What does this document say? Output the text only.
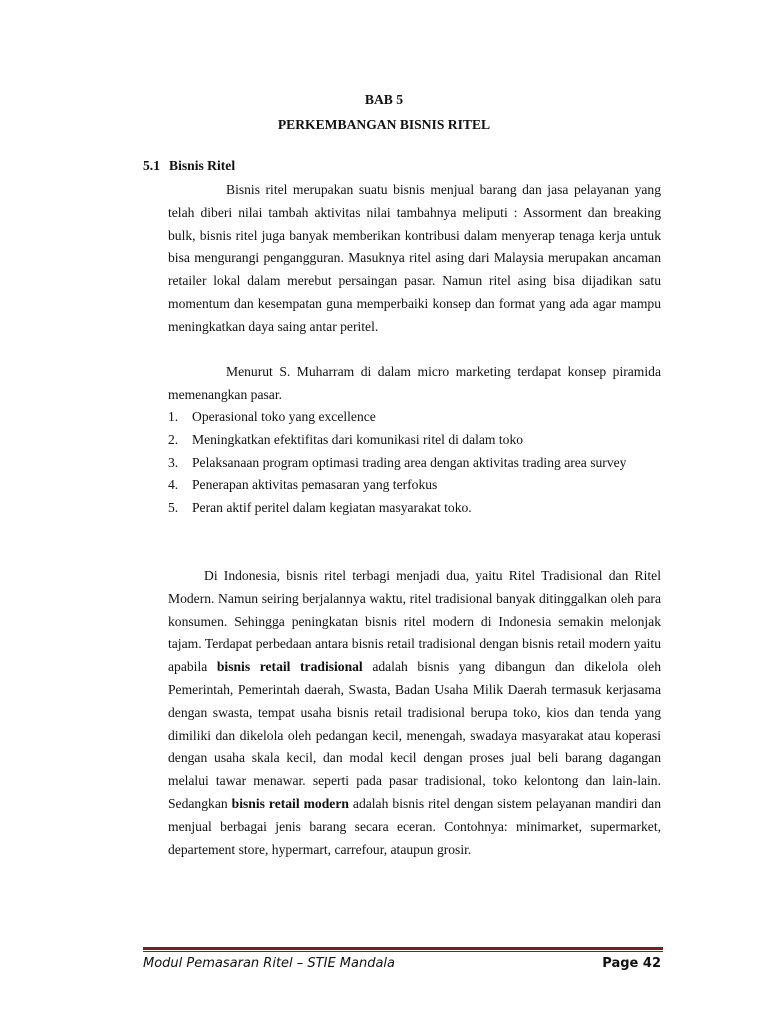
BAB 5
PERKEMBANGAN BISNIS RITEL
5.1 Bisnis Ritel

Bisnis ritel merupakan suatu bisnis menjual barang dan jasa pelayanan yang telah diberi nilai tambah aktivitas nilai tambahnya meliputi : Assorment dan breaking bulk, bisnis ritel juga banyak memberikan kontribusi dalam menyerap tenaga kerja untuk bisa mengurangi pengangguran. Masuknya ritel asing dari Malaysia merupakan ancaman retailer lokal dalam merebut persaingan pasar. Namun ritel asing bisa dijadikan satu momentum dan kesempatan guna memperbaiki konsep dan format yang ada agar mampu meningkatkan daya saing antar peritel.

Menurut S. Muharram di dalam micro marketing terdapat konsep piramida memenangkan pasar.

1. Operasional toko yang excellence
2. Meningkatkan efektifitas dari komunikasi ritel di dalam toko
3. Pelaksanaan program optimasi trading area dengan aktivitas trading area survey
4. Penerapan aktivitas pemasaran yang terfokus
5. Peran aktif peritel dalam kegiatan masyarakat toko.

Di Indonesia, bisnis ritel terbagi menjadi dua, yaitu Ritel Tradisional dan Ritel Modern. Namun seiring berjalannya waktu, ritel tradisional banyak ditinggalkan oleh para konsumen. Sehingga peningkatan bisnis ritel modern di Indonesia semakin melonjak tajam. Terdapat perbedaan antara bisnis retail tradisional dengan bisnis retail modern yaitu apabila bisnis retail tradisional adalah bisnis yang dibangun dan dikelola oleh Pemerintah, Pemerintah daerah, Swasta, Badan Usaha Milik Daerah termasuk kerjasama dengan swasta, tempat usaha bisnis retail tradisional berupa toko, kios dan tenda yang dimiliki dan dikelola oleh pedangan kecil, menengah, swadaya masyarakat atau koperasi dengan usaha skala kecil, dan modal kecil dengan proses jual beli barang dagangan melalui tawar menawar. seperti pada pasar tradisional, toko kelontong dan lain-lain. Sedangkan bisnis retail modern adalah bisnis ritel dengan sistem pelayanan mandiri dan menjual berbagai jenis barang secara eceran. Contohnya: minimarket, supermarket, departement store, hypermart, carrefour, ataupun grosir.

Modul Pemasaran Ritel – STIE Mandala	Page 42
